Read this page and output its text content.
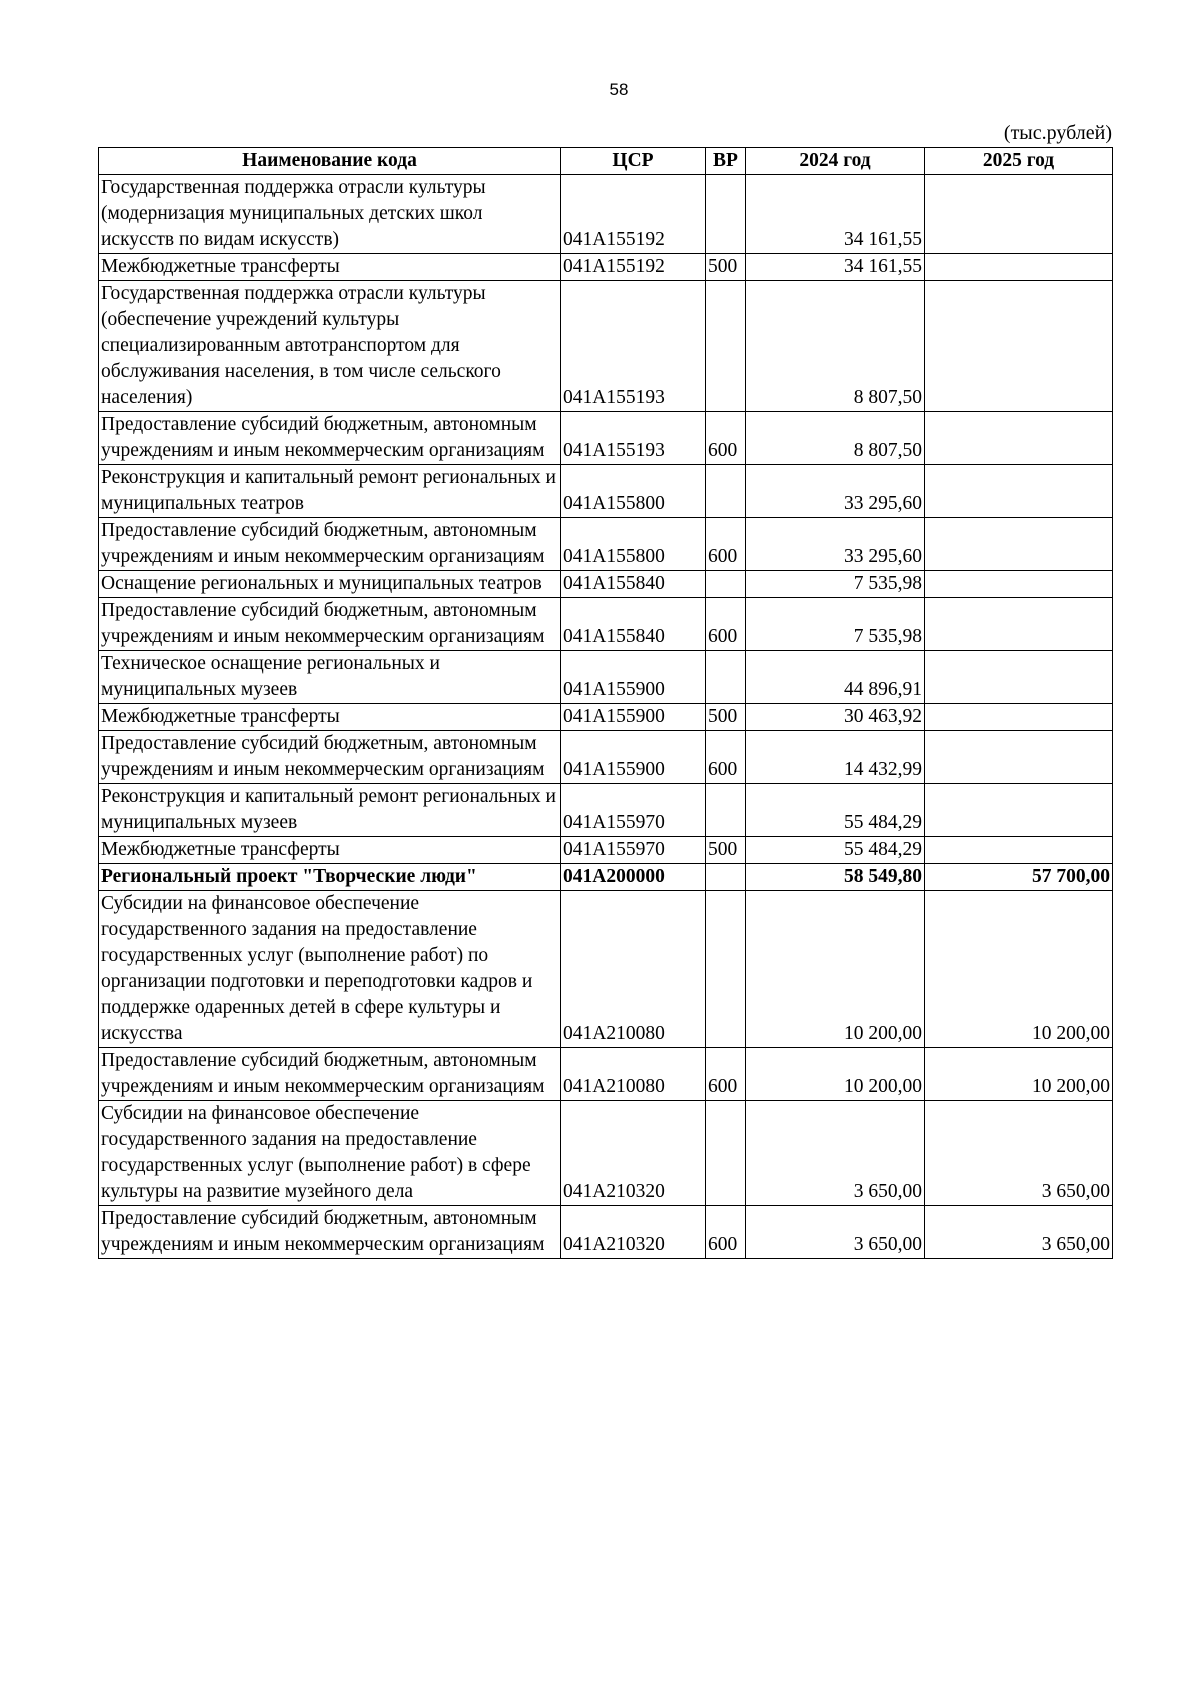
58
(тыс.рублей)
Наименование кода	ЦСР	ВР	2024 год	2025 год
Государственная поддержка отрасли культуры (модернизация муниципальных детских школ искусств по видам искусств)	041A155192		34 161,55	
Межбюджетные трансферты	041A155192	500	34 161,55	
Государственная поддержка отрасли культуры (обеспечение учреждений культуры специализированным автотранспортом для обслуживания населения, в том числе сельского населения)	041A155193		8 807,50	
Предоставление субсидий бюджетным, автономным учреждениям и иным некоммерческим организациям	041A155193	600	8 807,50	
Реконструкция и капитальный ремонт региональных и муниципальных театров	041A155800		33 295,60	
Предоставление субсидий бюджетным, автономным учреждениям и иным некоммерческим организациям	041A155800	600	33 295,60	
Оснащение региональных и муниципальных театров	041A155840		7 535,98	
Предоставление субсидий бюджетным, автономным учреждениям и иным некоммерческим организациям	041A155840	600	7 535,98	
Техническое оснащение региональных и муниципальных музеев	041A155900		44 896,91	
Межбюджетные трансферты	041A155900	500	30 463,92	
Предоставление субсидий бюджетным, автономным учреждениям и иным некоммерческим организациям	041A155900	600	14 432,99	
Реконструкция и капитальный ремонт региональных и муниципальных музеев	041A155970		55 484,29	
Межбюджетные трансферты	041A155970	500	55 484,29	
Региональный проект "Творческие люди"	041A200000		58 549,80	57 700,00
Субсидии на финансовое обеспечение государственного задания на предоставление государственных услуг (выполнение работ) по организации подготовки и переподготовки кадров и поддержке одаренных детей в сфере культуры и искусства	041A210080		10 200,00	10 200,00
Предоставление субсидий бюджетным, автономным учреждениям и иным некоммерческим организациям	041A210080	600	10 200,00	10 200,00
Субсидии на финансовое обеспечение государственного задания на предоставление государственных услуг (выполнение работ) в сфере культуры на развитие музейного дела	041A210320		3 650,00	3 650,00
Предоставление субсидий бюджетным, автономным учреждениям и иным некоммерческим организациям	041A210320	600	3 650,00	3 650,00
